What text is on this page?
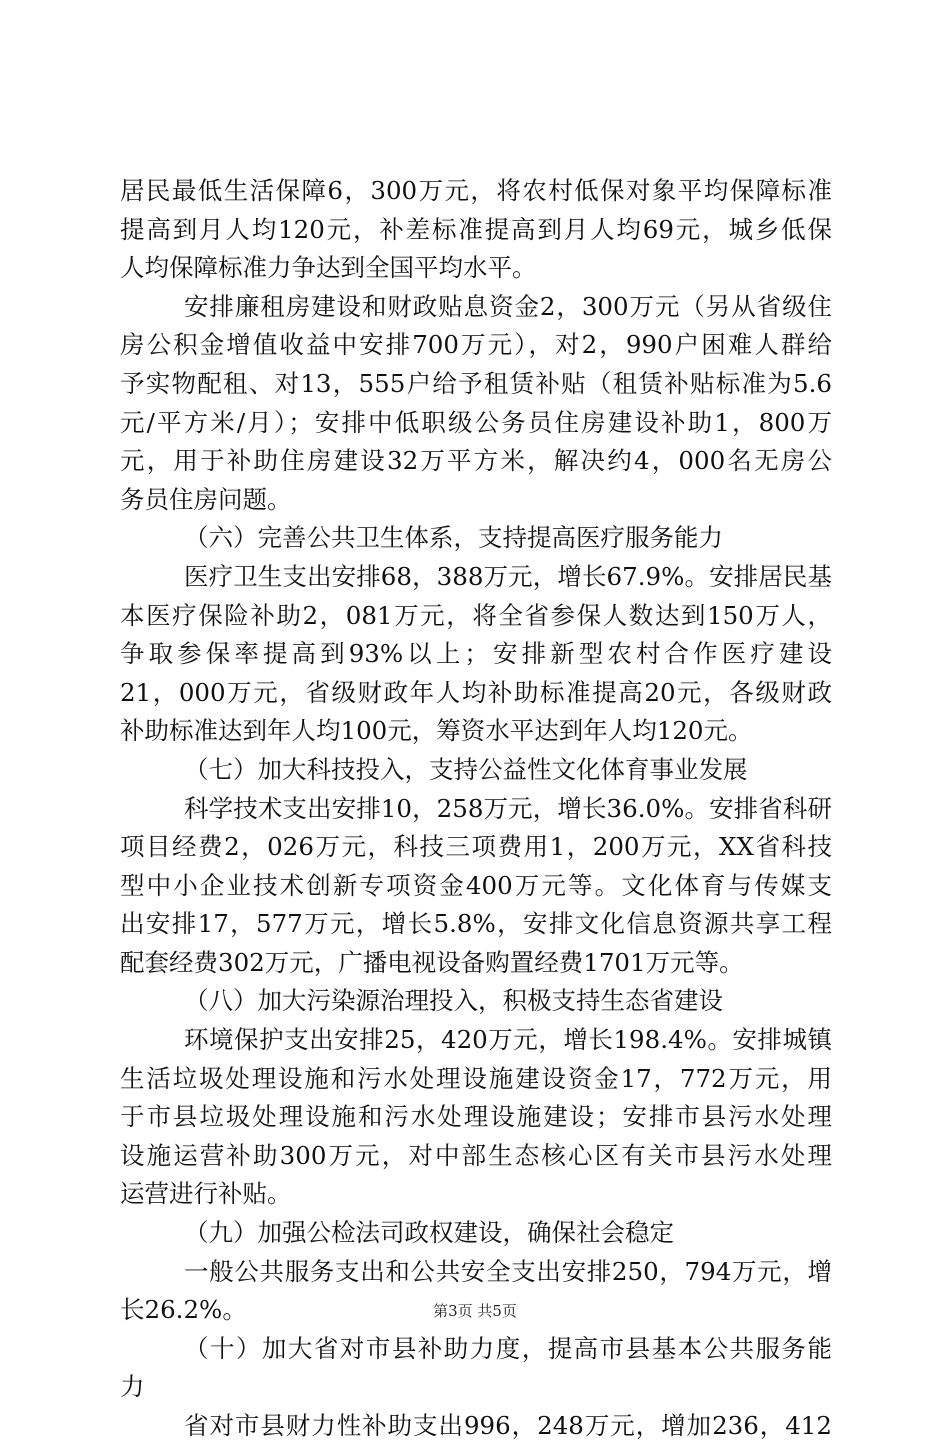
居民最低生活保障6，300万元，将农村低保对象平均保障标准
提高到月人均120元，补差标准提高到月人均69元，城乡低保
人均保障标准力争达到全国平均水平。
安排廉租房建设和财政贴息资金2，300万元（另从省级住
房公积金增值收益中安排700万元），对2，990户困难人群给
予实物配租、对13，555户给予租赁补贴（租赁补贴标准为5.6
元/平方米/月）；安排中低职级公务员住房建设补助1，800万
元，用于补助住房建设32万平方米，解决约4，000名无房公
务员住房问题。
（六）完善公共卫生体系，支持提高医疗服务能力
医疗卫生支出安排68，388万元，增长67.9%。安排居民基
本医疗保险补助2，081万元，将全省参保人数达到150万人，
争取参保率提高到93%以上；安排新型农村合作医疗建设
21，000万元，省级财政年人均补助标准提高20元，各级财政
补助标准达到年人均100元，筹资水平达到年人均120元。
（七）加大科技投入，支持公益性文化体育事业发展
科学技术支出安排10，258万元，增长36.0%。安排省科研
项目经费2，026万元，科技三项费用1，200万元，XX省科技
型中小企业技术创新专项资金400万元等。文化体育与传媒支
出安排17，577万元，增长5.8%，安排文化信息资源共享工程
配套经费302万元，广播电视设备购置经费1701万元等。
（八）加大污染源治理投入，积极支持生态省建设
环境保护支出安排25，420万元，增长198.4%。安排城镇
生活垃圾处理设施和污水处理设施建设资金17，772万元，用
于市县垃圾处理设施和污水处理设施建设；安排市县污水处理
设施运营补助300万元，对中部生态核心区有关市县污水处理
运营进行补贴。
（九）加强公检法司政权建设，确保社会稳定
一般公共服务支出和公共安全支出安排250，794万元，增
长26.2%。
（十）加大省对市县补助力度，提高市县基本公共服务能
力
省对市县财力性补助支出996，248万元，增加236，412
第3页 共5页
